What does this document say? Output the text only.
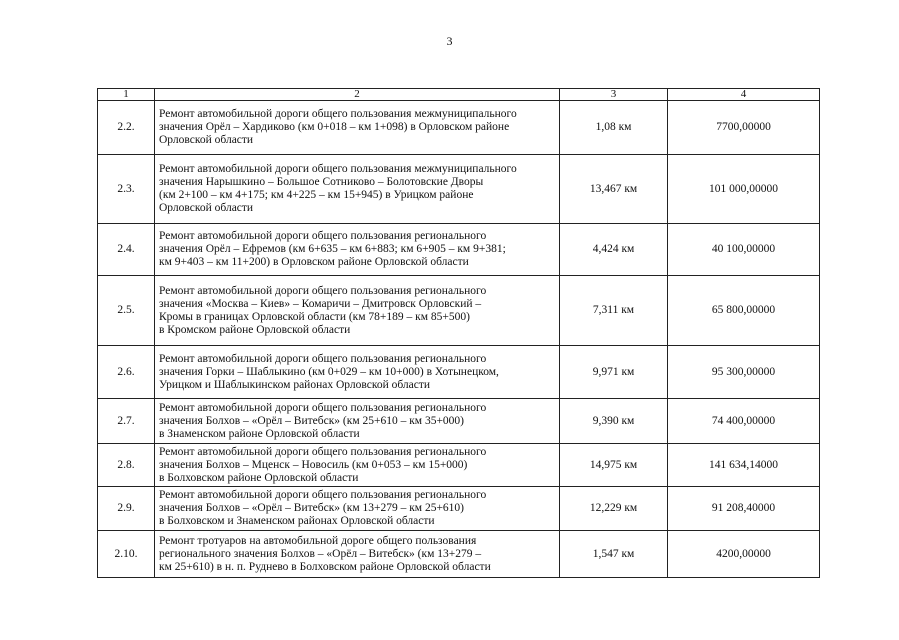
3
1	2	3	4
2.2.	Ремонт автомобильной дороги общего пользования межмуниципального
значения Орёл – Хардиково (км 0+018 – км 1+098) в Орловском районе
Орловской области	1,08 км	7700,00000
2.3.	Ремонт автомобильной дороги общего пользования межмуниципального
значения Нарышкино – Большое Сотниково – Болотовские Дворы
(км 2+100 – км 4+175; км 4+225 – км 15+945) в Урицком районе
Орловской области	13,467 км	101 000,00000
2.4.	Ремонт автомобильной дороги общего пользования регионального
значения Орёл – Ефремов (км 6+635 – км 6+883; км 6+905 – км 9+381;
км 9+403 – км 11+200) в Орловском районе Орловской области	4,424 км	40 100,00000
2.5.	Ремонт автомобильной дороги общего пользования регионального
значения «Москва – Киев» – Комаричи – Дмитровск Орловский –
Кромы в границах Орловской области (км 78+189 – км 85+500)
в Кромском районе Орловской области	7,311 км	65 800,00000
2.6.	Ремонт автомобильной дороги общего пользования регионального
значения Горки – Шаблыкино (км 0+029 – км 10+000) в Хотынецком,
Урицком и Шаблыкинском районах Орловской области	9,971 км	95 300,00000
2.7.	Ремонт автомобильной дороги общего пользования регионального
значения Болхов – «Орёл – Витебск» (км 25+610 – км 35+000)
в Знаменском районе Орловской области	9,390 км	74 400,00000
2.8.	Ремонт автомобильной дороги общего пользования регионального
значения Болхов – Мценск – Новосиль (км 0+053 – км 15+000)
в Болховском районе Орловской области	14,975 км	141 634,14000
2.9.	Ремонт автомобильной дороги общего пользования регионального
значения Болхов – «Орёл – Витебск» (км 13+279 – км 25+610)
в Болховском и Знаменском районах Орловской области	12,229 км	91 208,40000
2.10.	Ремонт тротуаров на автомобильной дороге общего пользования
регионального значения Болхов – «Орёл – Витебск» (км 13+279 –
км 25+610) в н. п. Руднево в Болховском районе Орловской области	1,547 км	4200,00000
